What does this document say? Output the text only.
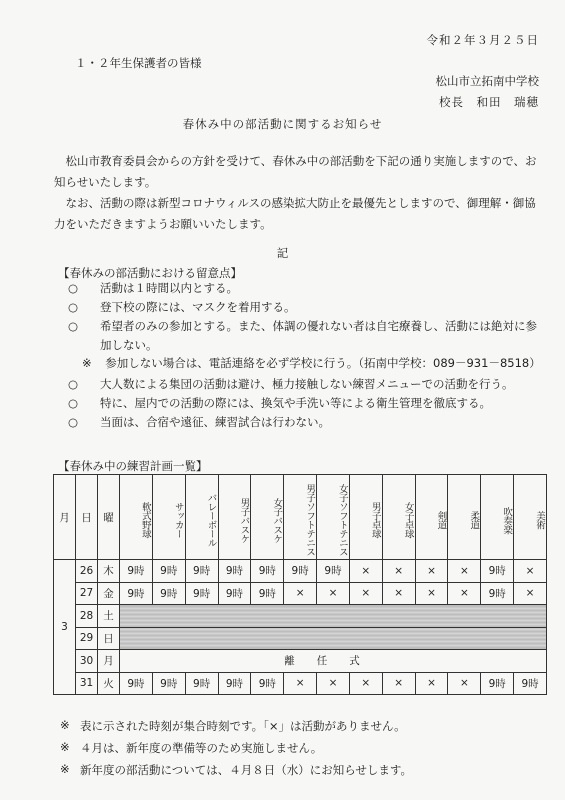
令和２年３月２５日
１・２年生保護者の皆様
松山市立拓南中学校
校長　和田　瑞穂
春休み中の部活動に関するお知らせ
松山市教育委員会からの方針を受けて、春休み中の部活動を下記の通り実施しますので、お知らせいたします。
なお、活動の際は新型コロナウィルスの感染拡大防止を最優先としますので、御理解・御協力をいただきますようお願いいたします。
記
【春休みの部活動における留意点】
○	活動は１時間以内とする。
○	登下校の際には、マスクを着用する。
○	希望者のみの参加とする。また、体調の優れない者は自宅療養し、活動には絶対に参加しない。
※ 参加しない場合は、電話連絡を必ず学校に行う。（拓南中学校：089－931－8518）
○	大人数による集団の活動は避け、極力接触しない練習メニューでの活動を行う。
○	特に、屋内での活動の際には、換気や手洗い等による衛生管理を徹底する。
○	当面は、合宿や遠征、練習試合は行わない。
【春休み中の練習計画一覧】
月	日	曜	軟式野球	サッカー	バレーボール	男子バスケ	女子バスケ	男子ソフトテニス	女子ソフトテニス	男子卓球	女子卓球	剣道	柔道	吹奏楽	美術
3	26	木	9時	9時	9時	9時	9時	9時	9時	×	×	×	×	9時	×
	27	金	9時	9時	9時	9時	9時	×	×	×	×	×	×	9時	×
	28	土													
	29	日													
	30	月	離任式												
	31	火	9時	9時	9時	9時	9時	×	×	×	×	×	×	9時	9時
※ 表に示された時刻が集合時刻です。「×」は活動がありません。
※ ４月は、新年度の準備等のため実施しません。
※ 新年度の部活動については、４月８日（水）にお知らせします。
